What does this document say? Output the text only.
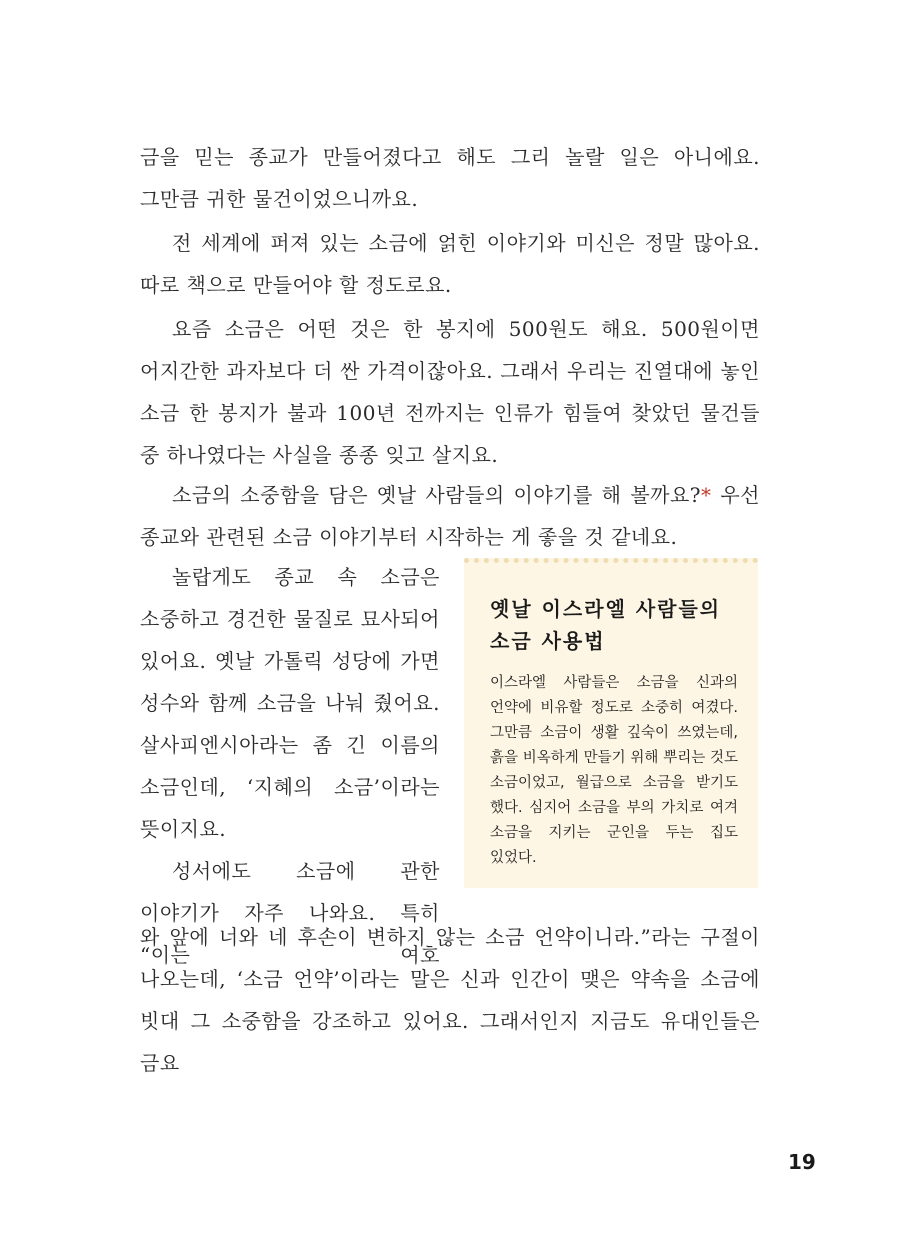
금을 믿는 종교가 만들어졌다고 해도 그리 놀랄 일은 아니에요. 그만큼 귀한 물건이었으니까요.

전 세계에 퍼져 있는 소금에 얽힌 이야기와 미신은 정말 많아요. 따로 책으로 만들어야 할 정도로요.

요즘 소금은 어떤 것은 한 봉지에 500원도 해요. 500원이면 어지간한 과자보다 더 싼 가격이잖아요. 그래서 우리는 진열대에 놓인 소금 한 봉지가 불과 100년 전까지는 인류가 힘들여 찾았던 물건들 중 하나였다는 사실을 종종 잊고 살지요.

소금의 소중함을 담은 옛날 사람들의 이야기를 해 볼까요?* 우선 종교와 관련된 소금 이야기부터 시작하는 게 좋을 것 같네요.

놀랍게도 종교 속 소금은 소중하고 경건한 물질로 묘사되어 있어요. 옛날 가톨릭 성당에 가면 성수와 함께 소금을 나눠 줬어요. 살사피엔시아라는 좀 긴 이름의 소금인데, ‘지혜의 소금’이라는 뜻이지요.

성서에도 소금에 관한 이야기가 자주 나와요. 특히 “이는 여호

와 앞에 너와 네 후손이 변하지 않는 소금 언약이니라.”라는 구절이 나오는데, ‘소금 언약’이라는 말은 신과 인간이 맺은 약속을 소금에 빗대 그 소중함을 강조하고 있어요. 그래서인지 지금도 유대인들은 금요

옛날 이스라엘 사람들의 소금 사용법

이스라엘 사람들은 소금을 신과의 언약에 비유할 정도로 소중히 여겼다. 그만큼 소금이 생활 깊숙이 쓰였는데, 흙을 비옥하게 만들기 위해 뿌리는 것도 소금이었고, 월급으로 소금을 받기도 했다. 심지어 소금을 부의 가치로 여겨 소금을 지키는 군인을 두는 집도 있었다.

19
